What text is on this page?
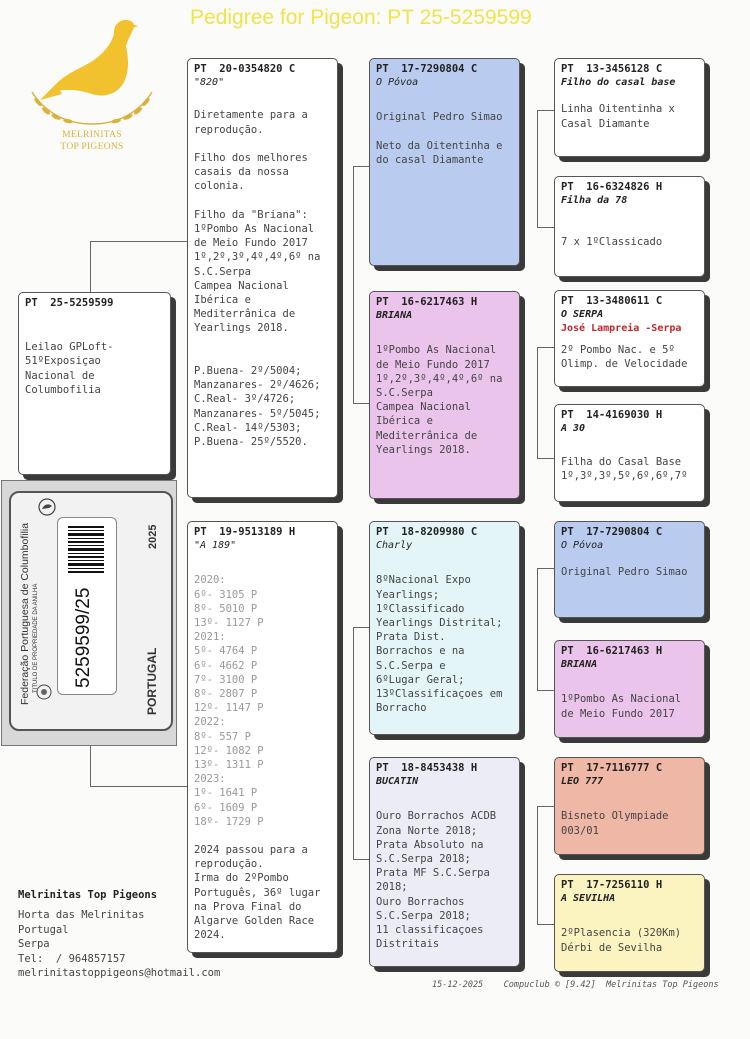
Pedigree for Pigeon: PT 25-5259599
MELRINITAS
TOP PIGEONS
PT  25-5259599
Leilao GPLoft-
51ºExposiçao
Nacional de
Columbofilia
PT  20-0354820 C
"820"
Diretamente para a
reprodução.

Filho dos melhores
casais da nossa
colonia.

Filho da "Briana":
1ºPombo As Nacional
de Meio Fundo 2017
1º,2º,3º,4º,4º,6º na
S.C.Serpa
Campea Nacional
Ibérica e
Mediterrânica de
Yearlings 2018.

P.Buena- 2º/5004;
Manzanares- 2º/4626;
C.Real- 3º/4726;
Manzanares- 5º/5045;
C.Real- 14º/5303;
P.Buena- 25º/5520.
PT  19-9513189 H
"A 189"
2020:
6º- 3105 P
8º- 5010 P
13º- 1127 P
2021:
5º- 4764 P
6º- 4662 P
7º- 3100 P
8º- 2807 P
12º- 1147 P
2022:
8º- 557 P
12º- 1082 P
13º- 1311 P
2023:
1º- 1641 P
6º- 1609 P
18º- 1729 P
2024 passou para a
reprodução.
Irma do 2ºPombo
Português, 36º lugar
na Prova Final do
Algarve Golden Race
2024.
PT  17-7290804 C
O Póvoa
Original Pedro Simao

Neto da Oitentinha e
do casal Diamante
PT  16-6217463 H
BRIANA
1ºPombo As Nacional
de Meio Fundo 2017
1º,2º,3º,4º,4º,6º na
S.C.Serpa
Campea Nacional
Ibérica e
Mediterrânica de
Yearlings 2018.
PT  18-8209980 C
Charly
8ºNacional Expo
Yearlings;
1ºClassificado
Yearlings Distrital;
Prata Dist.
Borrachos e na
S.C.Serpa e
6ºLugar Geral;
13ºClassificaçoes em
Borracho
PT  18-8453438 H
BUCATIN
Ouro Borrachos ACDB
Zona Norte 2018;
Prata Absoluto na
S.C.Serpa 2018;
Prata MF S.C.Serpa
2018;
Ouro Borrachos
S.C.Serpa 2018;
11 classificaçoes
Distritais
PT  13-3456128 C
Filho do casal base
Linha Oitentinha x
Casal Diamante
PT  16-6324826 H
Filha da 78

7 x 1ºClassicado
PT  13-3480611 C
O SERPA
José Lampreia -Serpa
2º Pombo Nac. e 5º
Olimp. de Velocidade
PT  14-4169030 H
A 30

Filha do Casal Base
1º,3º,3º,5º,6º,6º,7º
PT  17-7290804 C
O Póvoa
Original Pedro Simao
PT  16-6217463 H
BRIANA
1ºPombo As Nacional
de Meio Fundo 2017
PT  17-7116777 C
LEO 777
Bisneto Olympiade
003/01
PT  17-7256110 H
A SEVILHA
2ºPlasencia (320Km)
Dérbi de Sevilha
Federação Portuguesa de Columbofilia TITULO DE PROPRIEDADE DA ANILHA 5259599/25
2025
PORTUGAL
Melrinitas Top Pigeons
Horta das Melrinitas
Portugal
Serpa
Tel:  / 964857157
melrinitastoppigeons@hotmail.com
15-12-2025    Compuclub © [9.42]  Melrinitas Top Pigeons
